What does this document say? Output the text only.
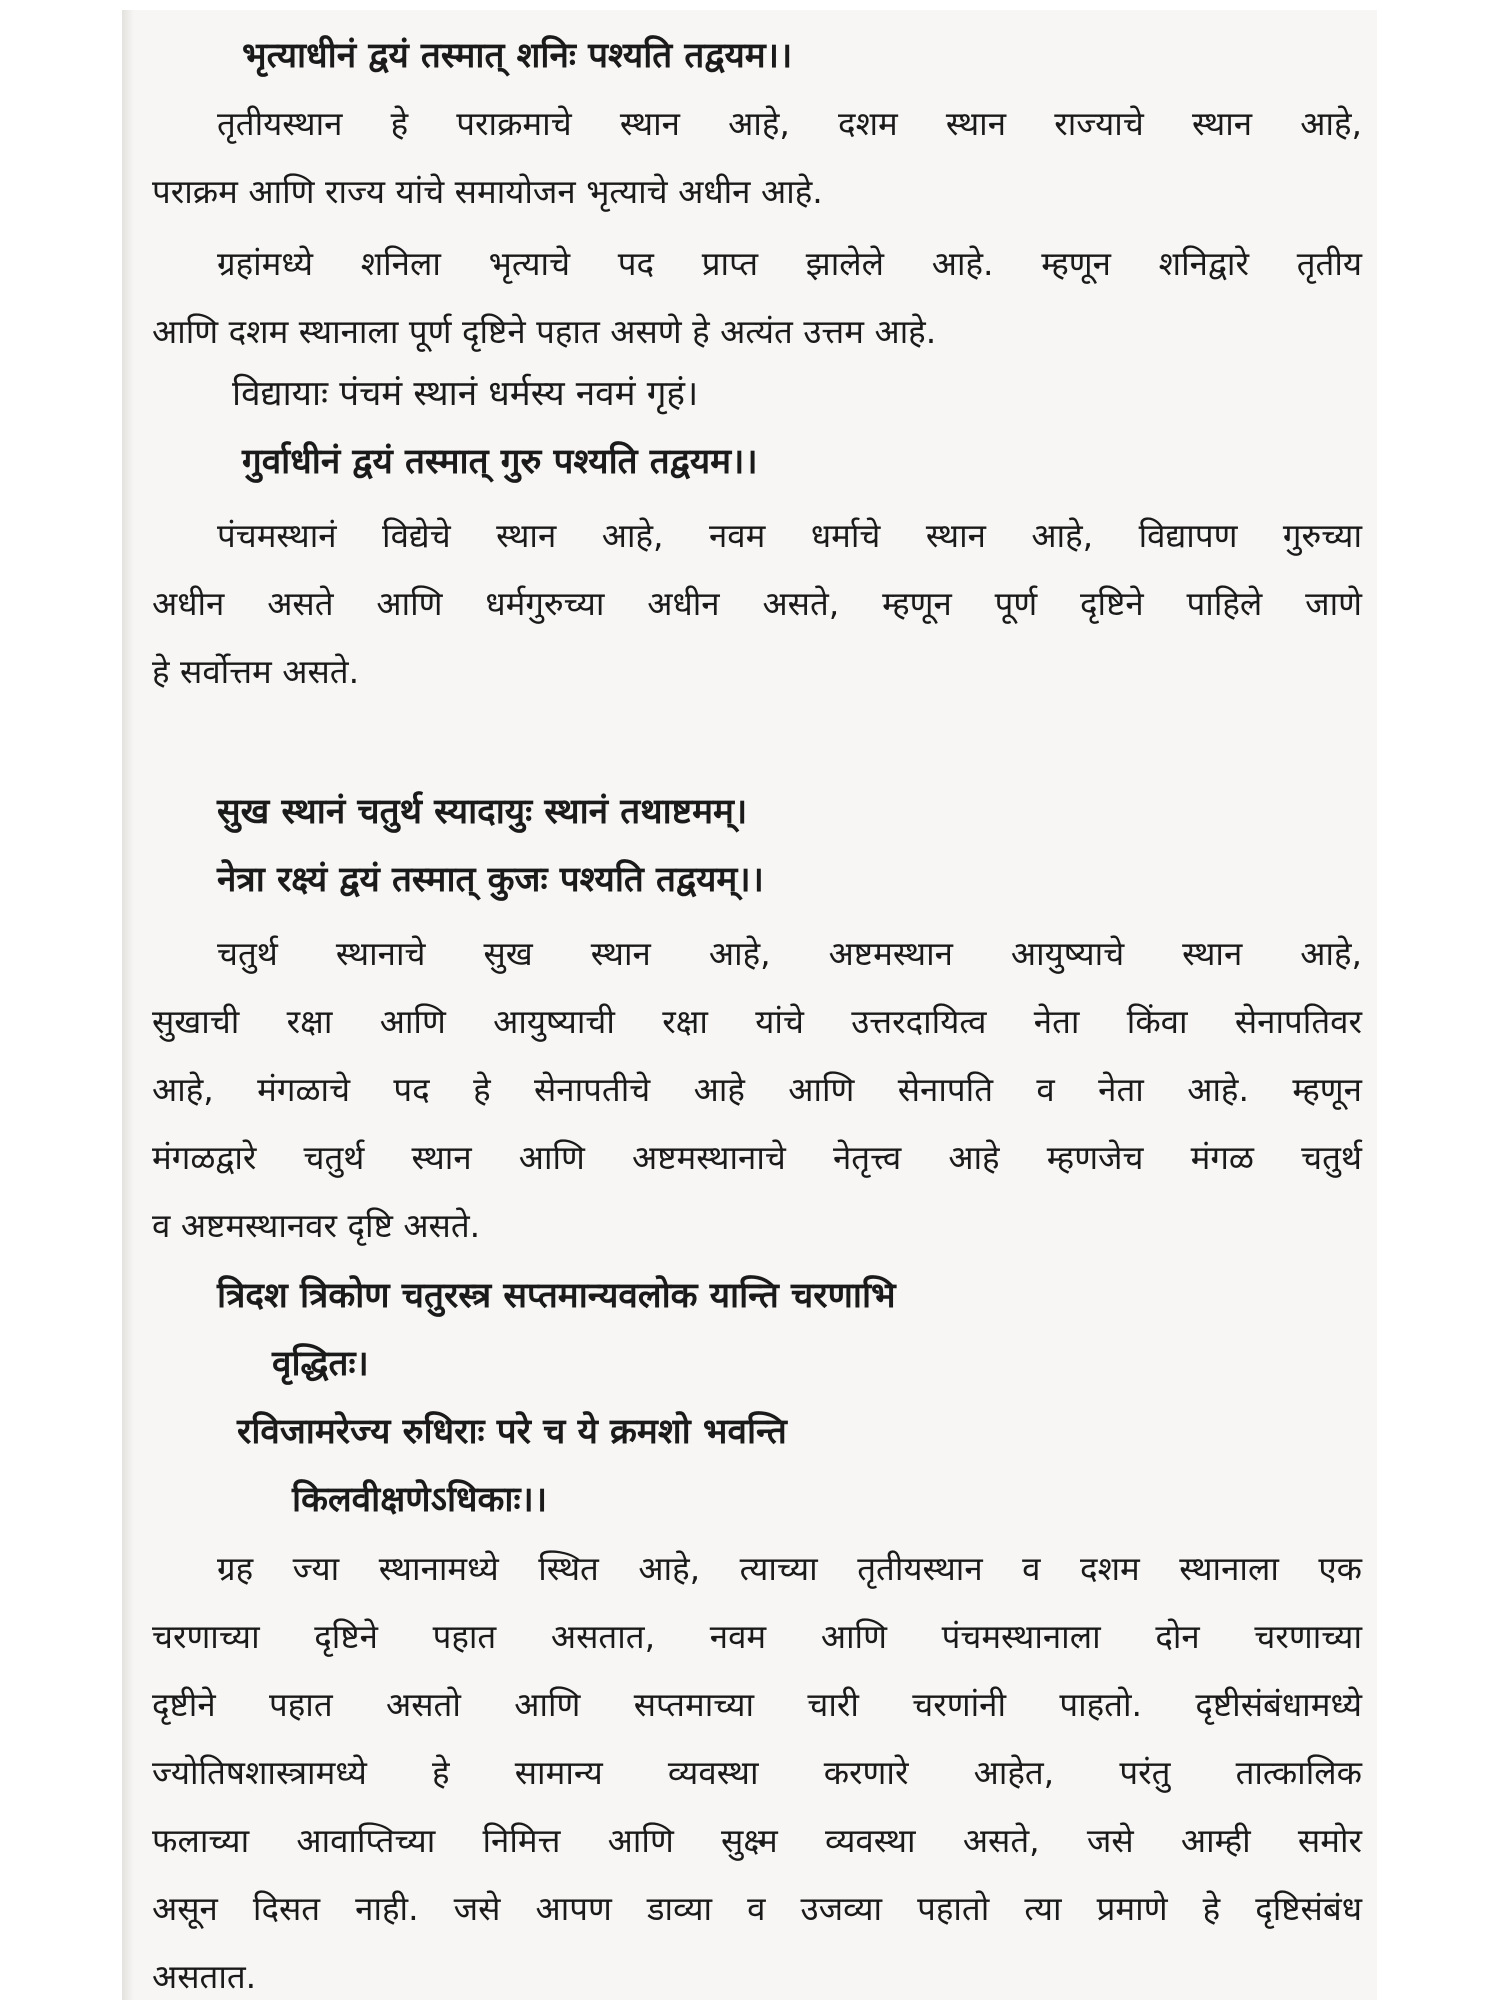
भृत्याधीनं द्वयं तस्मात् शनिः पश्यति तद्वयम।।
तृतीयस्थान हे पराक्रमाचे स्थान आहे, दशम स्थान राज्याचे स्थान आहे,
पराक्रम आणि राज्य यांचे समायोजन भृत्याचे अधीन आहे.
ग्रहांमध्ये शनिला भृत्याचे पद प्राप्त झालेले आहे. म्हणून शनिद्वारे तृतीय
आणि दशम स्थानाला पूर्ण दृष्टिने पहात असणे हे अत्यंत उत्तम आहे.
विद्यायाः पंचमं स्थानं धर्मस्य नवमं गृहं।
गुर्वाधीनं द्वयं तस्मात् गुरु पश्यति तद्वयम।।
पंचमस्थानं विद्येचे स्थान आहे, नवम धर्माचे स्थान आहे, विद्यापण गुरुच्या
अधीन असते आणि धर्मगुरुच्या अधीन असते, म्हणून पूर्ण दृष्टिने पाहिले जाणे
हे सर्वोत्तम असते.
सुख स्थानं चतुर्थ स्यादायुः स्थानं तथाष्टमम्।
नेत्रा रक्ष्यं द्वयं तस्मात् कुजः पश्यति तद्वयम्।।
चतुर्थ स्थानाचे सुख स्थान आहे, अष्टमस्थान आयुष्याचे स्थान आहे,
सुखाची रक्षा आणि आयुष्याची रक्षा यांचे उत्तरदायित्व नेता किंवा सेनापतिवर
आहे, मंगळाचे पद हे सेनापतीचे आहे आणि सेनापति व नेता आहे. म्हणून
मंगळद्वारे चतुर्थ स्थान आणि अष्टमस्थानाचे नेतृत्त्व आहे म्हणजेच मंगळ चतुर्थ
व अष्टमस्थानवर दृष्टि असते.
त्रिदश त्रिकोण चतुरस्त्र सप्तमान्यवलोक यान्ति चरणाभि
वृद्धितः।
रविजामरेज्य रुधिराः परे च ये क्रमशो भवन्ति
किलवीक्षणेऽधिकाः।।
ग्रह ज्या स्थानामध्ये स्थित आहे, त्याच्या तृतीयस्थान व दशम स्थानाला एक
चरणाच्या दृष्टिने पहात असतात, नवम आणि पंचमस्थानाला दोन चरणाच्या
दृष्टीने पहात असतो आणि सप्तमाच्या चारी चरणांनी पाहतो. दृष्टीसंबंधामध्ये
ज्योतिषशास्त्रामध्ये हे सामान्य व्यवस्था करणारे आहेत, परंतु तात्कालिक
फलाच्या आवाप्तिच्या निमित्त आणि सुक्ष्म व्यवस्था असते, जसे आम्ही समोर
असून दिसत नाही. जसे आपण डाव्या व उजव्या पहातो त्या प्रमाणे हे दृष्टिसंबंध
असतात.
